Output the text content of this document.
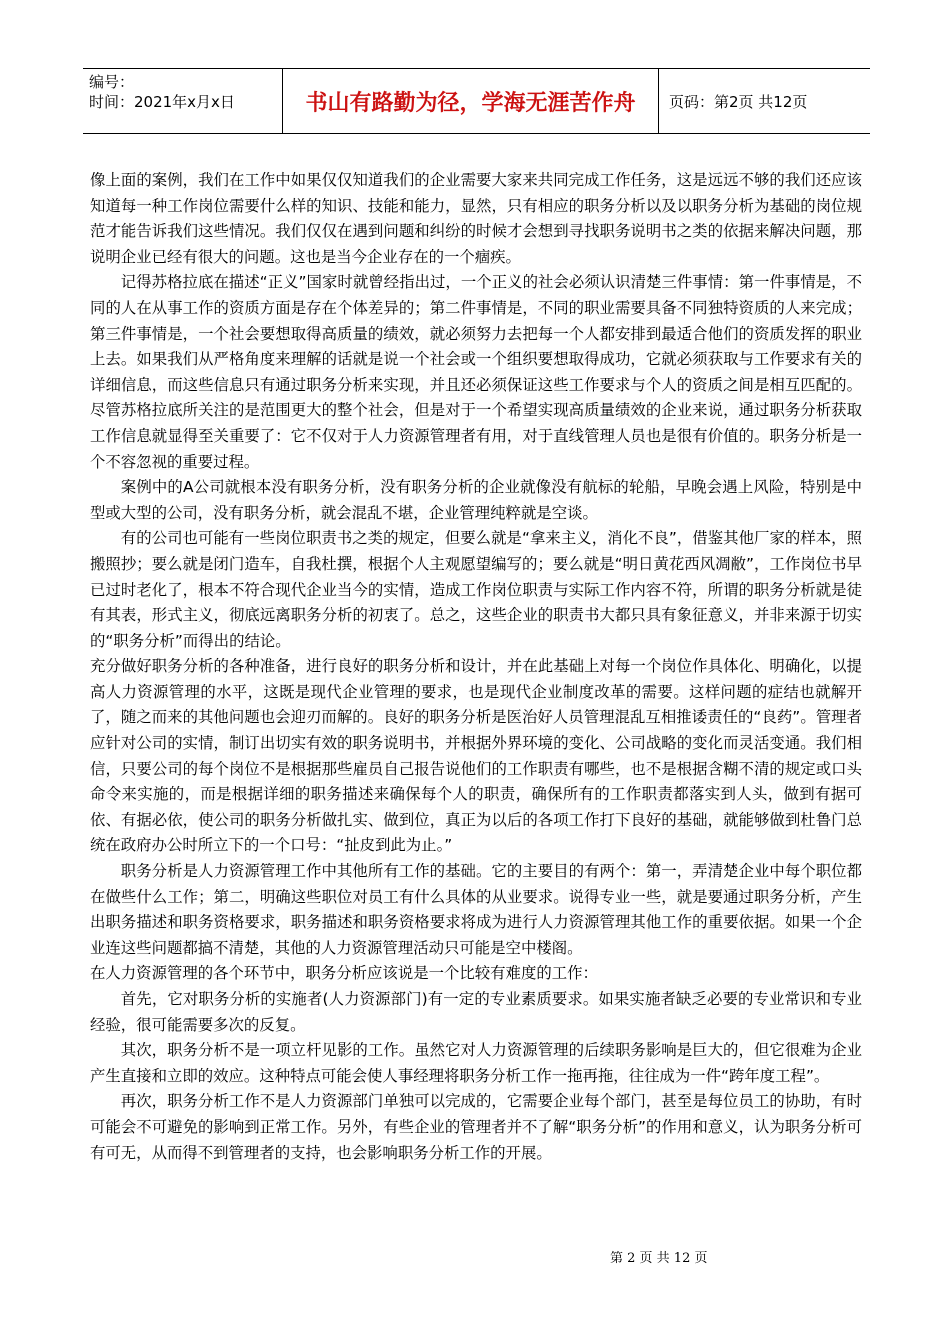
编号：
时间：2021年x月x日	书山有路勤为径，学海无涯苦作舟	页码：第2页 共12页

像上面的案例，我们在工作中如果仅仅知道我们的企业需要大家来共同完成工作任务，这是远远不够的我们还应该知道每一种工作岗位需要什么样的知识、技能和能力，显然，只有相应的职务分析以及以职务分析为基础的岗位规范才能告诉我们这些情况。我们仅仅在遇到问题和纠纷的时候才会想到寻找职务说明书之类的依据来解决问题，那说明企业已经有很大的问题。这也是当今企业存在的一个痼疾。

记得苏格拉底在描述“正义”国家时就曾经指出过，一个正义的社会必须认识清楚三件事情：第一件事情是，不同的人在从事工作的资质方面是存在个体差异的；第二件事情是，不同的职业需要具备不同独特资质的人来完成；第三件事情是，一个社会要想取得高质量的绩效，就必须努力去把每一个人都安排到最适合他们的资质发挥的职业上去。如果我们从严格角度来理解的话就是说一个社会或一个组织要想取得成功，它就必须获取与工作要求有关的详细信息，而这些信息只有通过职务分析来实现，并且还必须保证这些工作要求与个人的资质之间是相互匹配的。尽管苏格拉底所关注的是范围更大的整个社会，但是对于一个希望实现高质量绩效的企业来说，通过职务分析获取工作信息就显得至关重要了：它不仅对于人力资源管理者有用，对于直线管理人员也是很有价值的。职务分析是一个不容忽视的重要过程。

案例中的A公司就根本没有职务分析，没有职务分析的企业就像没有航标的轮船，早晚会遇上风险，特别是中型或大型的公司，没有职务分析，就会混乱不堪，企业管理纯粹就是空谈。

有的公司也可能有一些岗位职责书之类的规定，但要么就是“拿来主义，消化不良”，借鉴其他厂家的样本，照搬照抄；要么就是闭门造车，自我杜撰，根据个人主观愿望编写的；要么就是“明日黄花西风凋敝”，工作岗位书早已过时老化了，根本不符合现代企业当今的实情，造成工作岗位职责与实际工作内容不符，所谓的职务分析就是徒有其表，形式主义，彻底远离职务分析的初衷了。总之，这些企业的职责书大都只具有象征意义，并非来源于切实的“职务分析”而得出的结论。

充分做好职务分析的各种准备，进行良好的职务分析和设计，并在此基础上对每一个岗位作具体化、明确化，以提高人力资源管理的水平，这既是现代企业管理的要求，也是现代企业制度改革的需要。这样问题的症结也就解开了，随之而来的其他问题也会迎刃而解的。良好的职务分析是医治好人员管理混乱互相推诿责任的“良药”。管理者应针对公司的实情，制订出切实有效的职务说明书，并根据外界环境的变化、公司战略的变化而灵活变通。我们相信，只要公司的每个岗位不是根据那些雇员自己报告说他们的工作职责有哪些，也不是根据含糊不清的规定或口头命令来实施的，而是根据详细的职务描述来确保每个人的职责，确保所有的工作职责都落实到人头，做到有据可依、有据必依，使公司的职务分析做扎实、做到位，真正为以后的各项工作打下良好的基础，就能够做到杜鲁门总统在政府办公时所立下的一个口号：“扯皮到此为止。”

职务分析是人力资源管理工作中其他所有工作的基础。它的主要目的有两个：第一，弄清楚企业中每个职位都在做些什么工作；第二，明确这些职位对员工有什么具体的从业要求。说得专业一些，就是要通过职务分析，产生出职务描述和职务资格要求，职务描述和职务资格要求将成为进行人力资源管理其他工作的重要依据。如果一个企业连这些问题都搞不清楚，其他的人力资源管理活动只可能是空中楼阁。

在人力资源管理的各个环节中，职务分析应该说是一个比较有难度的工作：

首先，它对职务分析的实施者(人力资源部门)有一定的专业素质要求。如果实施者缺乏必要的专业常识和专业经验，很可能需要多次的反复。

其次，职务分析不是一项立杆见影的工作。虽然它对人力资源管理的后续职务影响是巨大的，但它很难为企业产生直接和立即的效应。这种特点可能会使人事经理将职务分析工作一拖再拖，往往成为一件“跨年度工程”。

再次，职务分析工作不是人力资源部门单独可以完成的，它需要企业每个部门，甚至是每位员工的协助，有时可能会不可避免的影响到正常工作。另外，有些企业的管理者并不了解“职务分析”的作用和意义，认为职务分析可有可无，从而得不到管理者的支持，也会影响职务分析工作的开展。

第 2 页 共 12 页
